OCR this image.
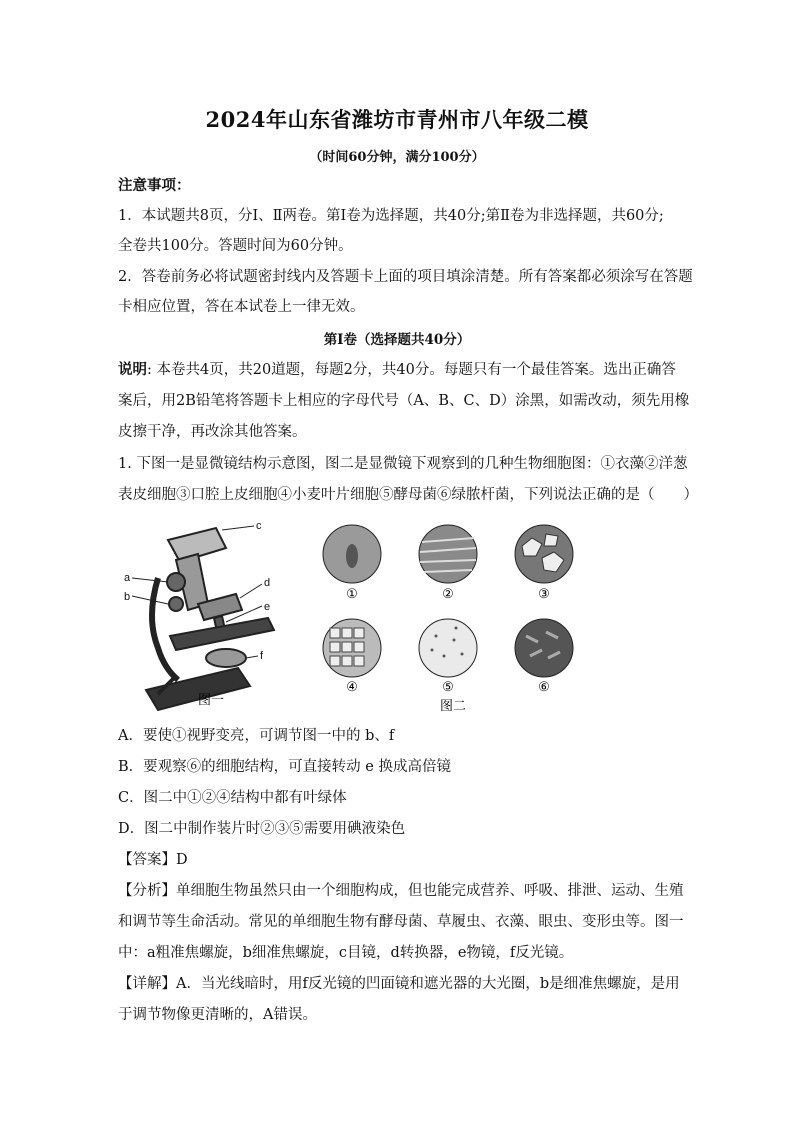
2024年山东省潍坊市青州市八年级二模
（时间60分钟，满分100分）
注意事项：
1．本试题共8页，分Ⅰ、Ⅱ两卷。第Ⅰ卷为选择题，共40分;第Ⅱ卷为非选择题，共60分;
全卷共100分。答题时间为60分钟。
2．答卷前务必将试题密封线内及答题卡上面的项目填涂清楚。所有答案都必须涂写在答题
卡相应位置，答在本试卷上一律无效。
第Ⅰ卷（选择题共40分）
说明: 本卷共4页，共20道题，每题2分，共40分。每题只有一个最佳答案。选出正确答
案后，用2B铅笔将答题卡上相应的字母代号（A、B、C、D）涂黑，如需改动，须先用橡
皮擦干净，再改涂其他答案。
1. 下图一是显微镜结构示意图，图二是显微镜下观察到的几种生物细胞图：①衣藻②洋葱
表皮细胞③口腔上皮细胞④小麦叶片细胞⑤酵母菌⑥绿脓杆菌，下列说法正确的是（　　）
a
b
c
d
e
f
图一
①	②	③
④	⑤	⑥
图二
A．要使①视野变亮，可调节图一中的 b、f
B．要观察⑥的细胞结构，可直接转动 e 换成高倍镜
C．图二中①②④结构中都有叶绿体
D．图二中制作装片时②③⑤需要用碘液染色
【答案】D
【分析】单细胞生物虽然只由一个细胞构成，但也能完成营养、呼吸、排泄、运动、生殖
和调节等生命活动。常见的单细胞生物有酵母菌、草履虫、衣藻、眼虫、变形虫等。图一
中：a粗准焦螺旋，b细准焦螺旋，c目镜，d转换器，e物镜，f反光镜。
【详解】A．当光线暗时，用f反光镜的凹面镜和遮光器的大光圈，b是细准焦螺旋，是用
于调节物像更清晰的，A错误。
